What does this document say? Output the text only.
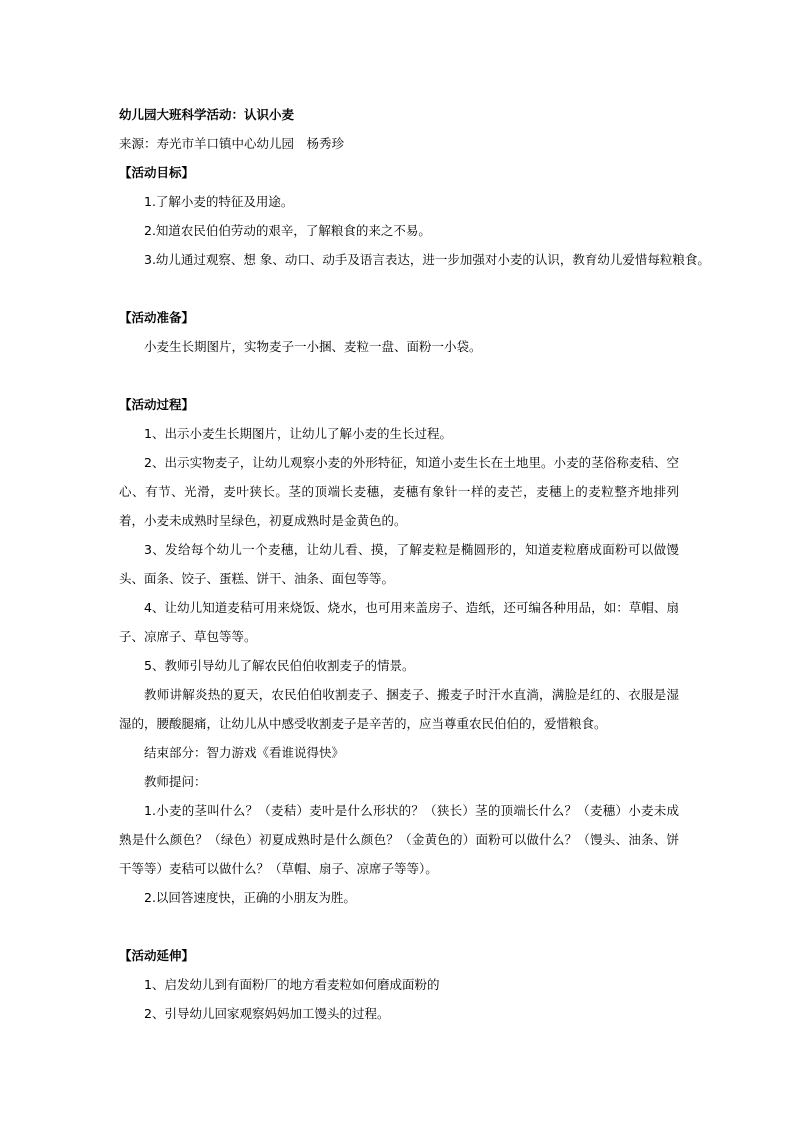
幼儿园大班科学活动：认识小麦
来源：寿光市羊口镇中心幼儿园　杨秀珍
【活动目标】
1.了解小麦的特征及用途。
2.知道农民伯伯劳动的艰辛，了解粮食的来之不易。
3.幼儿通过观察、想 象、动口、动手及语言表达，进一步加强对小麦的认识，教育幼儿爱惜每粒粮食。
【活动准备】
小麦生长期图片，实物麦子一小捆、麦粒一盘、面粉一小袋。
【活动过程】
1、出示小麦生长期图片，让幼儿了解小麦的生长过程。
2、出示实物麦子，让幼儿观察小麦的外形特征，知道小麦生长在土地里。小麦的茎俗称麦秸、空心、有节、光滑，麦叶狭长。茎的顶端长麦穗，麦穗有象针一样的麦芒，麦穗上的麦粒整齐地排列着，小麦未成熟时呈绿色，初夏成熟时是金黄色的。
3、发给每个幼儿一个麦穗，让幼儿看、摸，了解麦粒是椭圆形的，知道麦粒磨成面粉可以做馒头、面条、饺子、蛋糕、饼干、油条、面包等等。
4、让幼儿知道麦秸可用来烧饭、烧水，也可用来盖房子、造纸，还可编各种用品，如：草帽、扇子、凉席子、草包等等。
5、教师引导幼儿了解农民伯伯收割麦子的情景。
教师讲解炎热的夏天，农民伯伯收割麦子、捆麦子、搬麦子时汗水直淌，满脸是红的、衣服是湿湿的，腰酸腿痛，让幼儿从中感受收割麦子是辛苦的，应当尊重农民伯伯的，爱惜粮食。
结束部分：智力游戏《看谁说得快》
教师提问：
1.小麦的茎叫什么？（麦秸）麦叶是什么形状的？（狭长）茎的顶端长什么？（麦穗）小麦未成熟是什么颜色？（绿色）初夏成熟时是什么颜色？（金黄色的）面粉可以做什么？（馒头、油条、饼干等等）麦秸可以做什么？（草帽、扇子、凉席子等等）。
2.以回答速度快，正确的小朋友为胜。
【活动延伸】
1、启发幼儿到有面粉厂的地方看麦粒如何磨成面粉的
2、引导幼儿回家观察妈妈加工馒头的过程。
